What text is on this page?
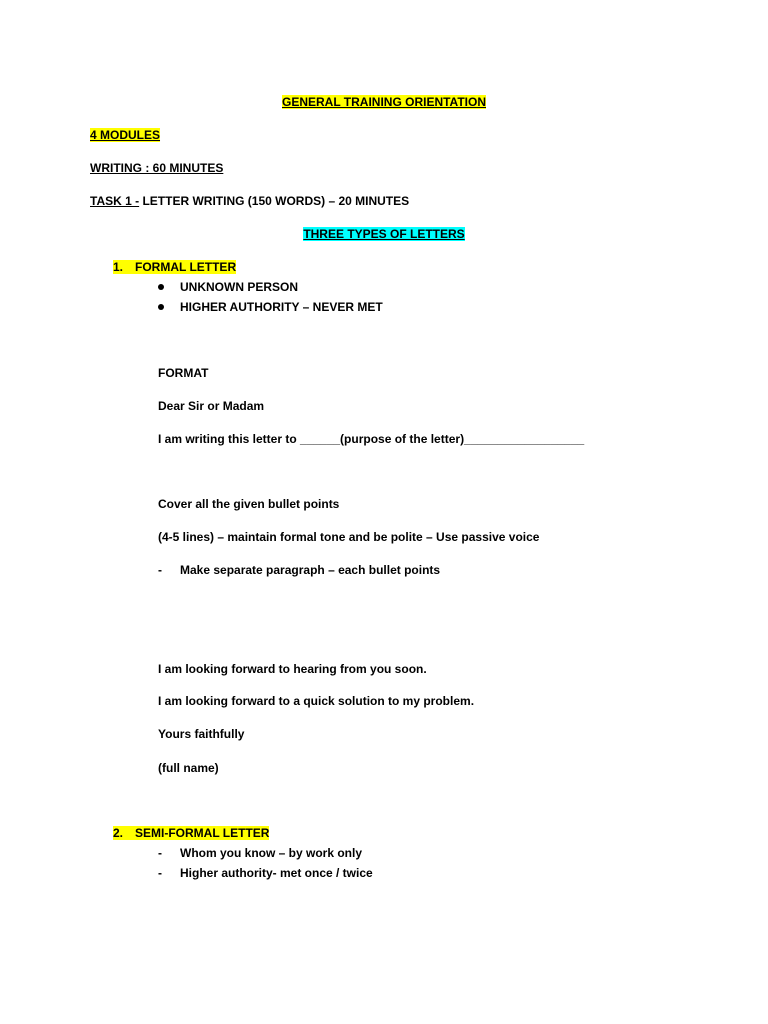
GENERAL TRAINING ORIENTATION
4 MODULES
WRITING : 60 MINUTES
TASK 1 - LETTER WRITING (150 WORDS) – 20 MINUTES
THREE TYPES OF LETTERS
1. FORMAL LETTER
UNKNOWN PERSON
HIGHER AUTHORITY – NEVER MET
FORMAT
Dear Sir or Madam
I am writing this letter to ______(purpose of the letter)__________________
Cover all the given bullet points
(4-5 lines) – maintain formal tone and be polite – Use passive voice
- Make separate paragraph – each bullet points
I am looking forward to hearing from you soon.
I am looking forward to a quick solution to my problem.
Yours faithfully
(full name)
2. SEMI-FORMAL LETTER
- Whom you know – by work only
- Higher authority- met once / twice
